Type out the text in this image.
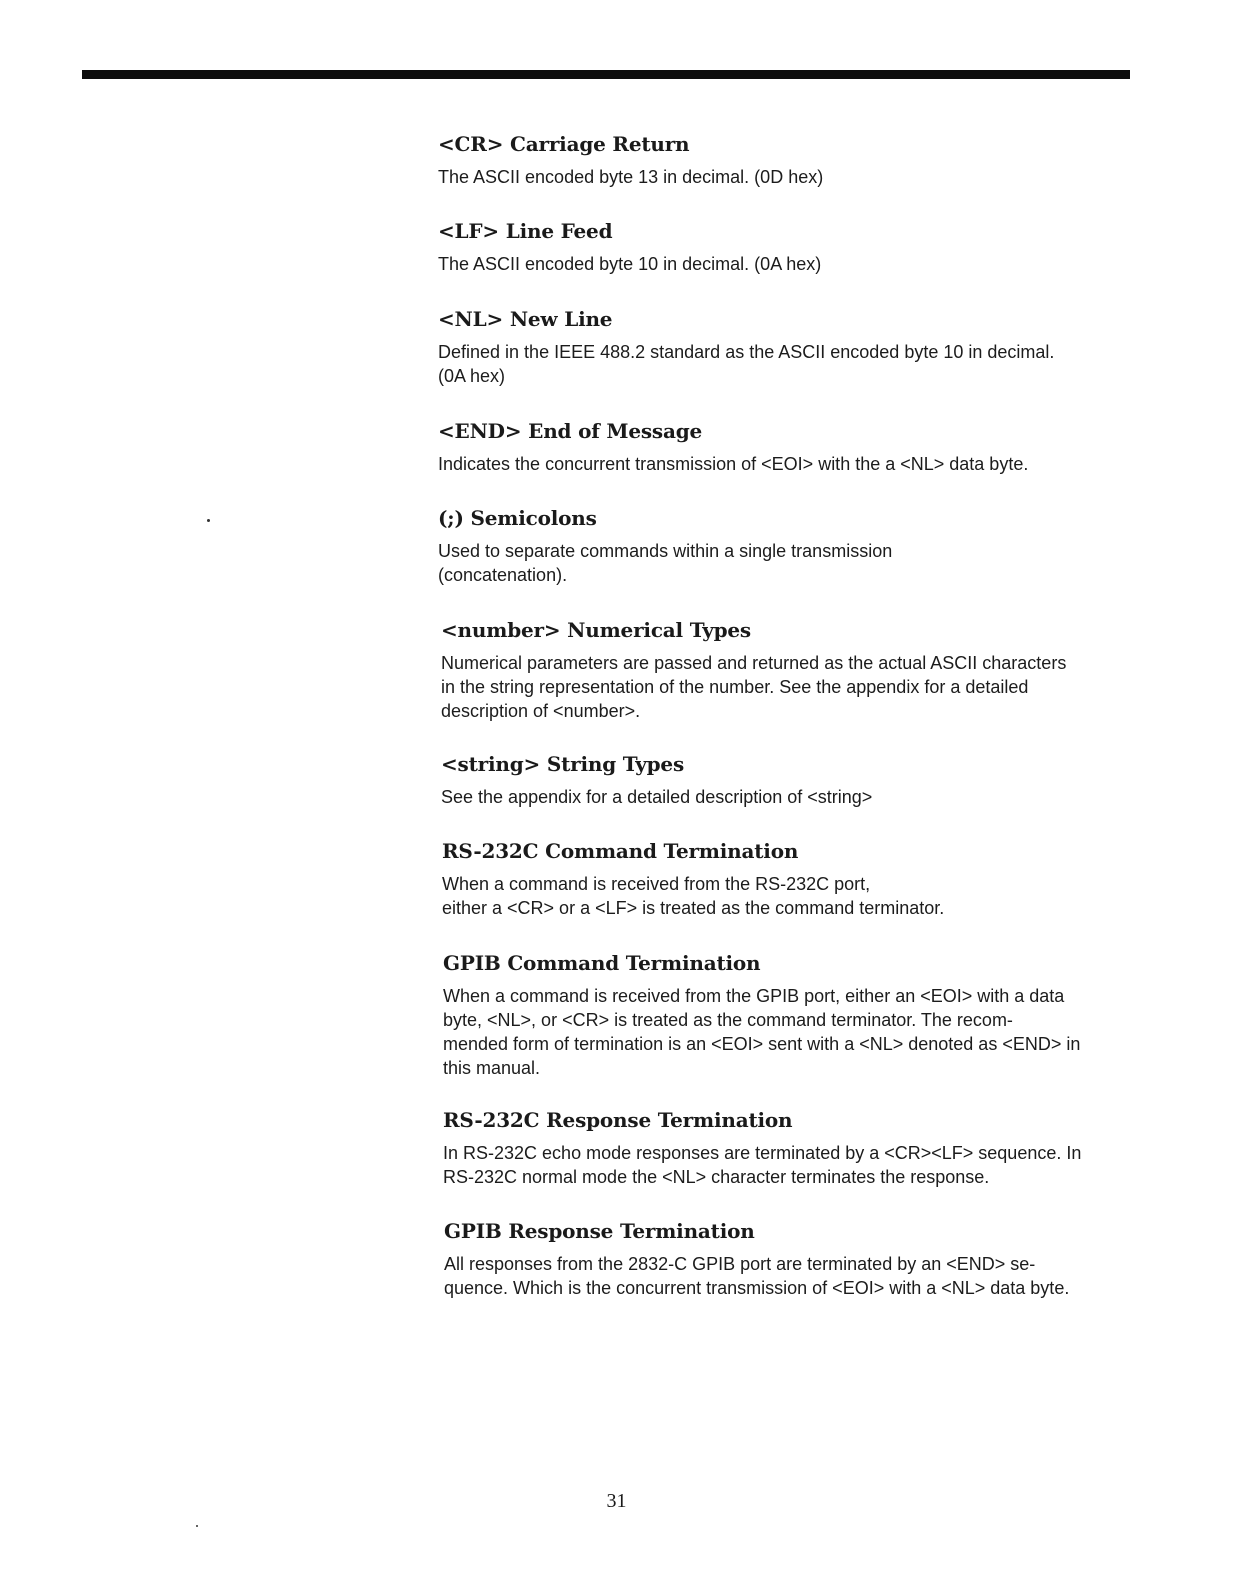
<CR> Carriage Return

The ASCII encoded byte 13 in decimal. (0D hex)

<LF> Line Feed

The ASCII encoded byte 10 in decimal. (0A hex)

<NL> New Line

Defined in the IEEE 488.2 standard as the ASCII encoded byte 10 in decimal.
(0A hex)

<END> End of Message

Indicates the concurrent transmission of <EOI> with the a <NL> data byte.

(;) Semicolons

Used to separate commands within a single transmission
(concatenation).

<number> Numerical Types

Numerical parameters are passed and returned as the actual ASCII characters
in the string representation of the number. See the appendix for a detailed
description of <number>.

<string> String Types

See the appendix for a detailed description of <string>

RS-232C Command Termination

When a command is received from the RS-232C port,
either a <CR> or a <LF> is treated as the command terminator.

GPIB Command Termination

When a command is received from the GPIB port, either an <EOI> with a data
byte, <NL>, or <CR> is treated as the command terminator. The recom-
mended form of termination is an <EOI> sent with a <NL> denoted as <END> in
this manual.

RS-232C Response Termination

In RS-232C echo mode responses are terminated by a <CR><LF> sequence. In
RS-232C normal mode the <NL> character terminates the response.

GPIB Response Termination

All responses from the 2832-C GPIB port are terminated by an <END> se-
quence. Which is the concurrent transmission of <EOI> with a <NL> data byte.

31
